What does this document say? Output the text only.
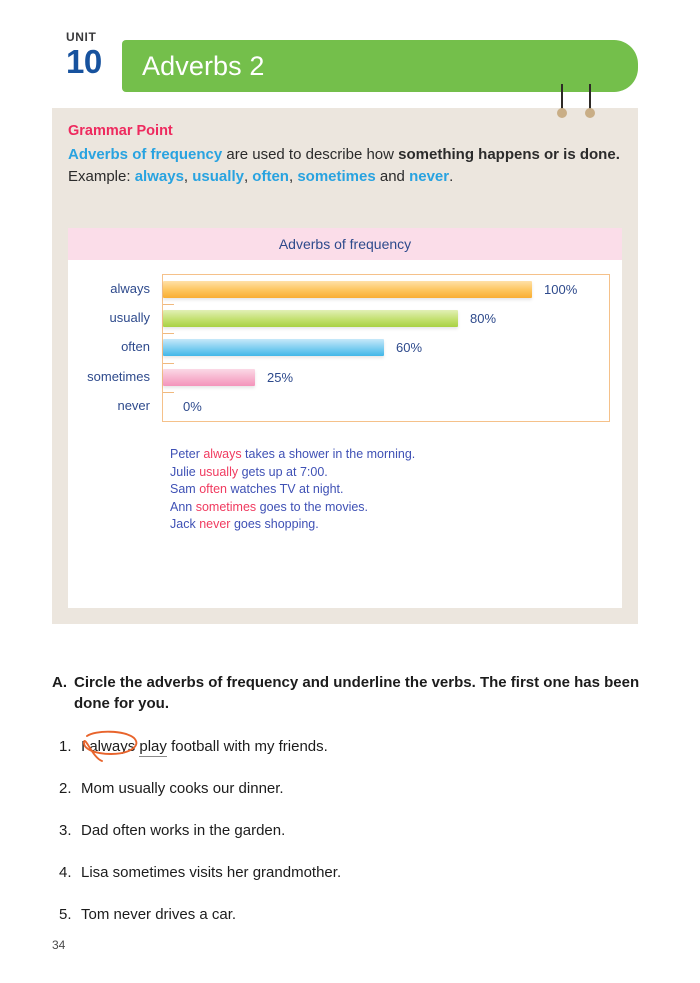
UNIT
10	Adverbs 2
Grammar Point
Adverbs of frequency are used to describe how something happens or is done. Example: always, usually, often, sometimes and never.
Adverbs of frequency
always
usually
often
sometimes
never
100%
80%
60%
25%
0%
Peter always takes a shower in the morning.
Julie usually gets up at 7:00.
Sam often watches TV at night.
Ann sometimes goes to the movies.
Jack never goes shopping.
A. Circle the adverbs of frequency and underline the verbs. The first one has been done for you.
1. I always play football with my friends.
2. Mom usually cooks our dinner.
3. Dad often works in the garden.
4. Lisa sometimes visits her grandmother.
5. Tom never drives a car.
34
